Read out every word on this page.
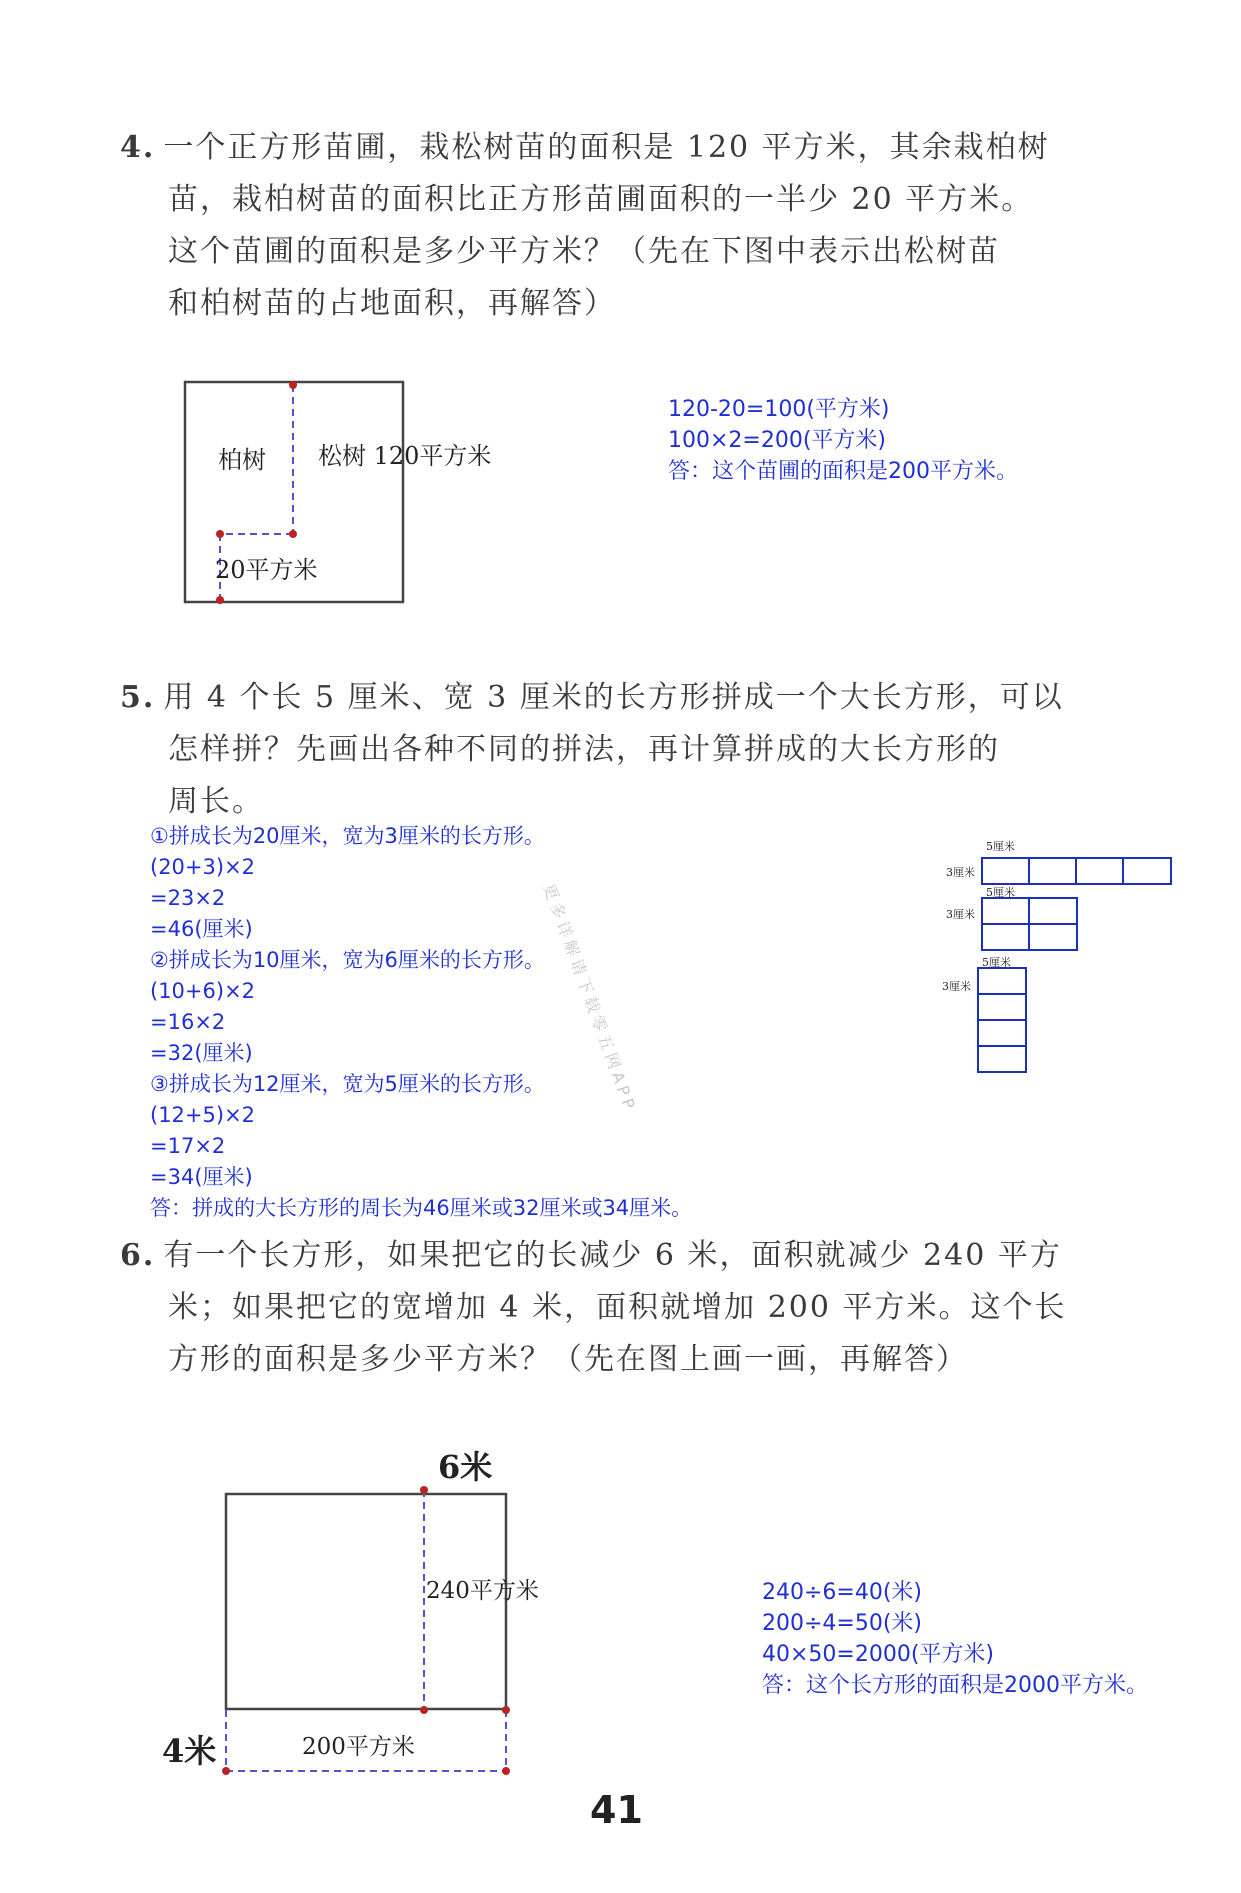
4. 一个正方形苗圃，栽松树苗的面积是 120 平方米，其余栽柏树
苗，栽柏树苗的面积比正方形苗圃面积的一半少 20 平方米。
这个苗圃的面积是多少平方米？（先在下图中表示出松树苗
和柏树苗的占地面积，再解答）
柏树 松树 120平方米
20平方米
120-20=100(平方米)
100×2=200(平方米)
答：这个苗圃的面积是200平方米。
5. 用 4 个长 5 厘米、宽 3 厘米的长方形拼成一个大长方形，可以
怎样拼？先画出各种不同的拼法，再计算拼成的大长方形的
周长。
①拼成长为20厘米，宽为3厘米的长方形。
(20+3)×2
=23×2
=46(厘米)
②拼成长为10厘米，宽为6厘米的长方形。
(10+6)×2
=16×2
=32(厘米)
③拼成长为12厘米，宽为5厘米的长方形。
(12+5)×2
=17×2
=34(厘米)
答：拼成的大长方形的周长为46厘米或32厘米或34厘米。
5厘米
3厘米
5厘米
3厘米
5厘米
3厘米
更多详解请下载零五网APP
6. 有一个长方形，如果把它的长减少 6 米，面积就减少 240 平方
米；如果把它的宽增加 4 米，面积就增加 200 平方米。这个长
方形的面积是多少平方米？（先在图上画一画，再解答）
6米
240平方米
4米	200平方米
240÷6=40(米)
200÷4=50(米)
40×50=2000(平方米)
答：这个长方形的面积是2000平方米。
41
